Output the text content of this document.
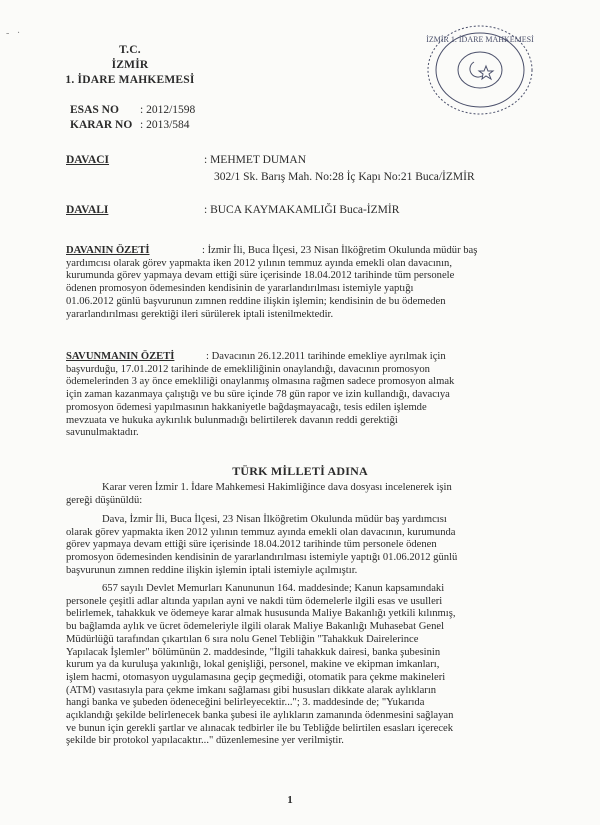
-   ·
T.C.
İZMİR
1. İDARE MAHKEMESİ
ESAS NO : 2012/1598
KARAR NO : 2013/584
İZMİR 1. İDARE MAHKEMESİ
DAVACI	: MEHMET DUMAN
302/1 Sk. Barış Mah. No:28 İç Kapı No:21 Buca/İZMİR
DAVALI	: BUCA KAYMAKAMLIĞI Buca-İZMİR
DAVANIN ÖZETİ	: İzmir İli, Buca İlçesi, 23 Nisan İlköğretim Okulunda müdür baş
yardımcısı olarak görev yapmakta iken 2012 yılının temmuz ayında emekli olan davacının,
kurumunda görev yapmaya devam ettiği süre içerisinde 18.04.2012 tarihinde tüm personele
ödenen promosyon ödemesinden kendisinin de yararlandırılması istemiyle yaptığı
01.06.2012 günlü başvurunun zımnen reddine ilişkin işlemin; kendisinin de bu ödemeden
yararlandırılması gerektiği ileri sürülerek iptali istenilmektedir.
SAVUNMANIN ÖZETİ	: Davacının 26.12.2011 tarihinde emekliye ayrılmak için
başvurduğu, 17.01.2012 tarihinde de emekliliğinin onaylandığı, davacının promosyon
ödemelerinden 3 ay önce emekliliği onaylanmış olmasına rağmen sadece promosyon almak
için zaman kazanmaya çalıştığı ve bu süre içinde 78 gün rapor ve izin kullandığı, davacıya
promosyon ödemesi yapılmasının hakkaniyetle bağdaşmayacağı, tesis edilen işlemde
mevzuata ve hukuka aykırılık bulunmadığı belirtilerek davanın reddi gerektiği
savunulmaktadır.
TÜRK MİLLETİ ADINA
Karar veren İzmir 1. İdare Mahkemesi Hakimliğince dava dosyası incelenerek işin
gereği düşünüldü:
Dava, İzmir İli, Buca İlçesi, 23 Nisan İlköğretim Okulunda müdür baş yardımcısı
olarak görev yapmakta iken 2012 yılının temmuz ayında emekli olan davacının, kurumunda
görev yapmaya devam ettiği süre içerisinde 18.04.2012 tarihinde tüm personele ödenen
promosyon ödemesinden kendisinin de yararlandırılması istemiyle yaptığı 01.06.2012 günlü
başvurunun zımnen reddine ilişkin işlemin iptali istemiyle açılmıştır.
657 sayılı Devlet Memurları Kanununun 164. maddesinde; Kanun kapsamındaki
personele çeşitli adlar altında yapılan ayni ve nakdi tüm ödemelerle ilgili esas ve usulleri
belirlemek, tahakkuk ve ödemeye karar almak hususunda Maliye Bakanlığı yetkili kılınmış,
bu bağlamda aylık ve ücret ödemeleriyle ilgili olarak Maliye Bakanlığı Muhasebat Genel
Müdürlüğü tarafından çıkartılan 6 sıra nolu Genel Tebliğin "Tahakkuk Dairelerince
Yapılacak İşlemler" bölümünün 2. maddesinde, "İlgili tahakkuk dairesi, banka şubesinin
kurum ya da kuruluşa yakınlığı, lokal genişliği, personel, makine ve ekipman imkanları,
işlem hacmi, otomasyon uygulamasına geçip geçmediği, otomatik para çekme makineleri
(ATM) vasıtasıyla para çekme imkanı sağlaması gibi hususları dikkate alarak aylıkların
hangi banka ve şubeden ödeneceğini belirleyecektir..."; 3. maddesinde de; "Yukarıda
açıklandığı şekilde belirlenecek banka şubesi ile aylıkların zamanında ödenmesini sağlayan
ve bunun için gerekli şartlar ve alınacak tedbirler ile bu Tebliğde belirtilen esasları içerecek
şekilde bir protokol yapılacaktır..." düzenlemesine yer verilmiştir.
1
